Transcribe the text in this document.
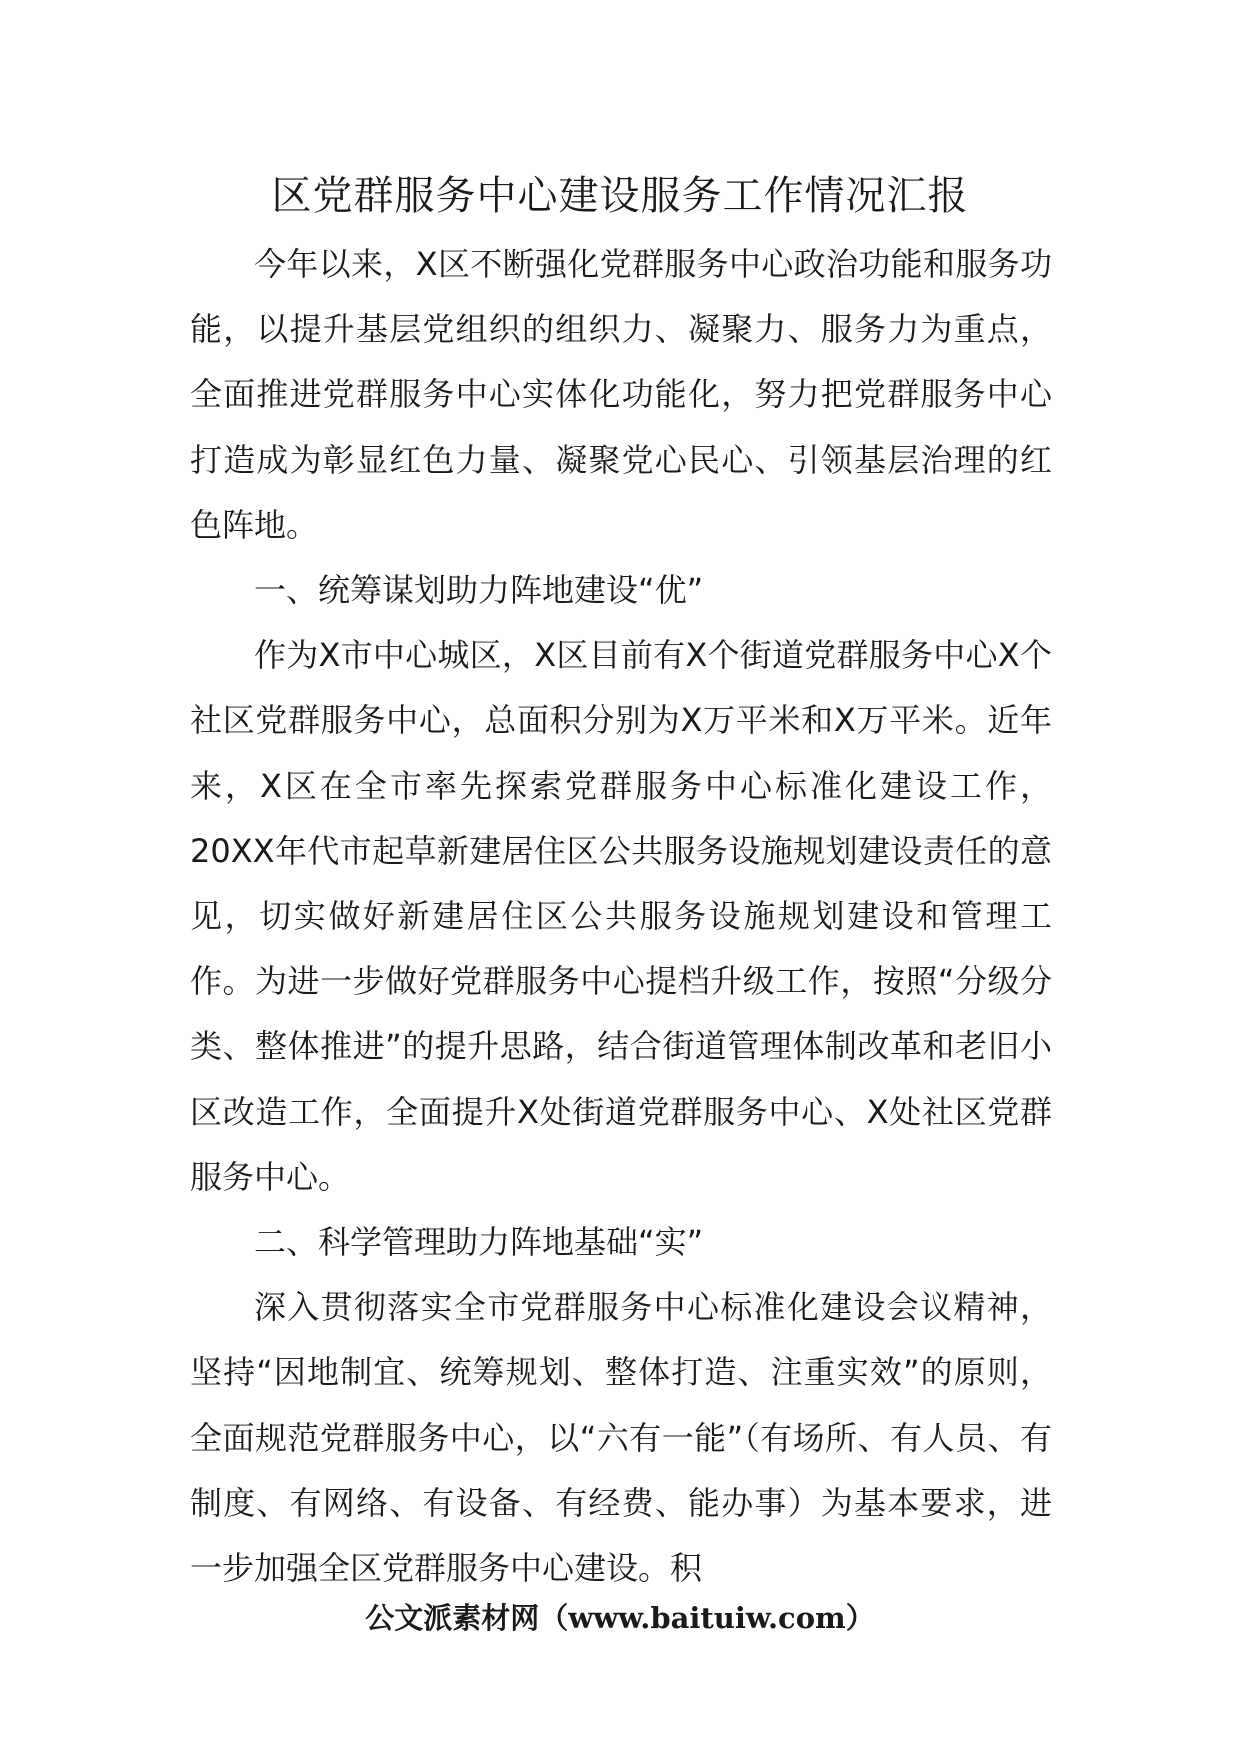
区党群服务中心建设服务工作情况汇报

今年以来，X区不断强化党群服务中心政治功能和服务功能，以提升基层党组织的组织力、凝聚力、服务力为重点，全面推进党群服务中心实体化功能化，努力把党群服务中心打造成为彰显红色力量、凝聚党心民心、引领基层治理的红色阵地。

一、统筹谋划助力阵地建设“优”

作为X市中心城区，X区目前有X个街道党群服务中心X个社区党群服务中心，总面积分别为X万平米和X万平米。近年来，X区在全市率先探索党群服务中心标准化建设工作，20XX年代市起草新建居住区公共服务设施规划建设责任的意见，切实做好新建居住区公共服务设施规划建设和管理工作。为进一步做好党群服务中心提档升级工作，按照“分级分类、整体推进”的提升思路，结合街道管理体制改革和老旧小区改造工作，全面提升X处街道党群服务中心、X处社区党群服务中心。

二、科学管理助力阵地基础“实”

深入贯彻落实全市党群服务中心标准化建设会议精神，坚持“因地制宜、统筹规划、整体打造、注重实效”的原则，全面规范党群服务中心，以“六有一能”（有场所、有人员、有制度、有网络、有设备、有经费、能办事）为基本要求，进一步加强全区党群服务中心建设。积

公文派素材网（www.baituiw.com）
